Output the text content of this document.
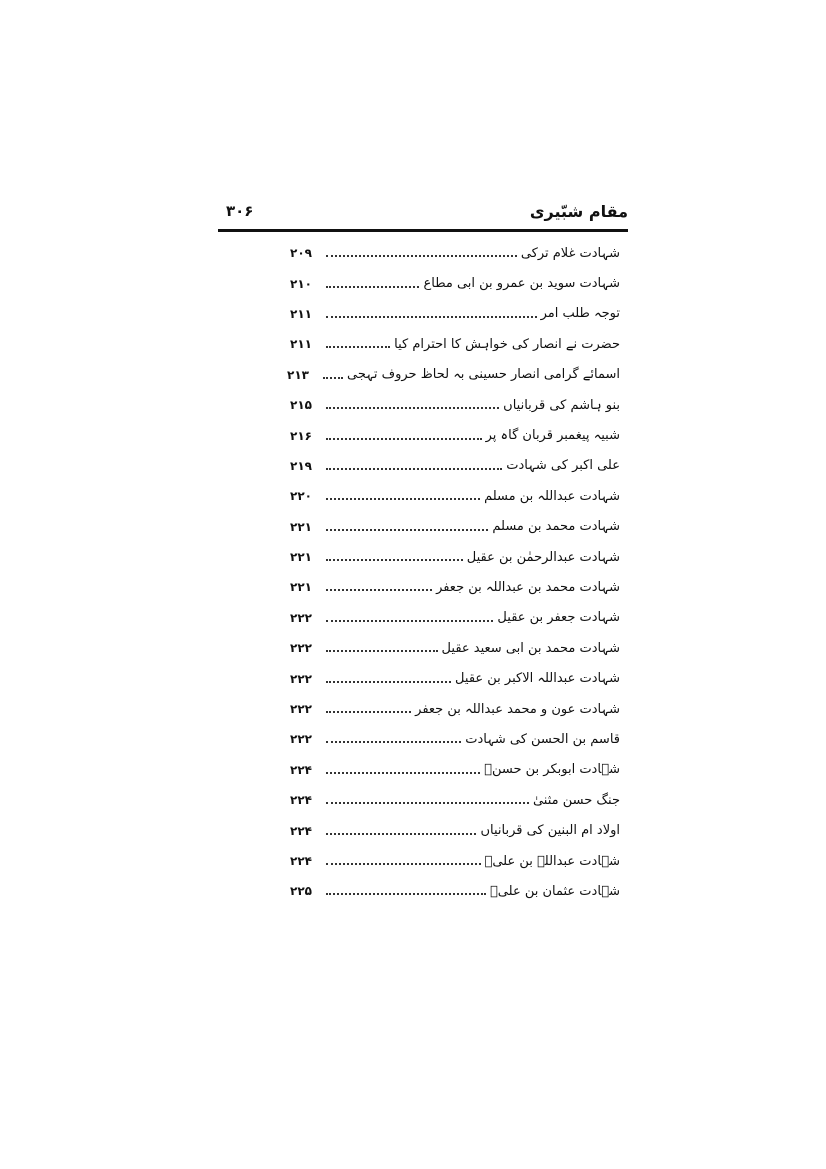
مقام شبّیری
۳۰۶
شہادت غلام ترکی
۲۰۹
شہادت سوید بن عمرو بن ابی مطاع
۲۱۰
توجہ طلب امر
۲۱۱
حضرت نے انصار کی خواہش کا احترام کیا
۲۱۱
اسمائے گرامی انصار حسینی بہ لحاظ حروف تہجی
۲۱۳
بنو ہاشم کی قربانیاں
۲۱۵
شبیہ پیغمبر قربان گاہ پر
۲۱۶
علی اکبر کی شہادت
۲۱۹
شہادت عبداللہ بن مسلم
۲۲۰
شہادت محمد بن مسلم
۲۲۱
شہادت عبدالرحمٰن بن عقیل
۲۲۱
شہادت محمد بن عبداللہ بن جعفر
۲۲۱
شہادت جعفر بن عقیل
۲۲۲
شہادت محمد بن ابی سعید عقیل
۲۲۲
شہادت عبداللہ الاکبر بن عقیل
۲۲۲
شہادت عون و محمد عبداللہ بن جعفر
۲۲۲
قاسم بن الحسن کی شہادت
۲۲۲
شہادت ابوبکر بن حسنؑ
۲۲۴
جنگ حسن مثنیٰ
۲۲۴
اولاد ام البنین کی قربانیاں
۲۲۴
شہادت عبداللہ بن علیؑ
۲۲۴
شہادت عثمان بن علیؑ
۲۲۵
